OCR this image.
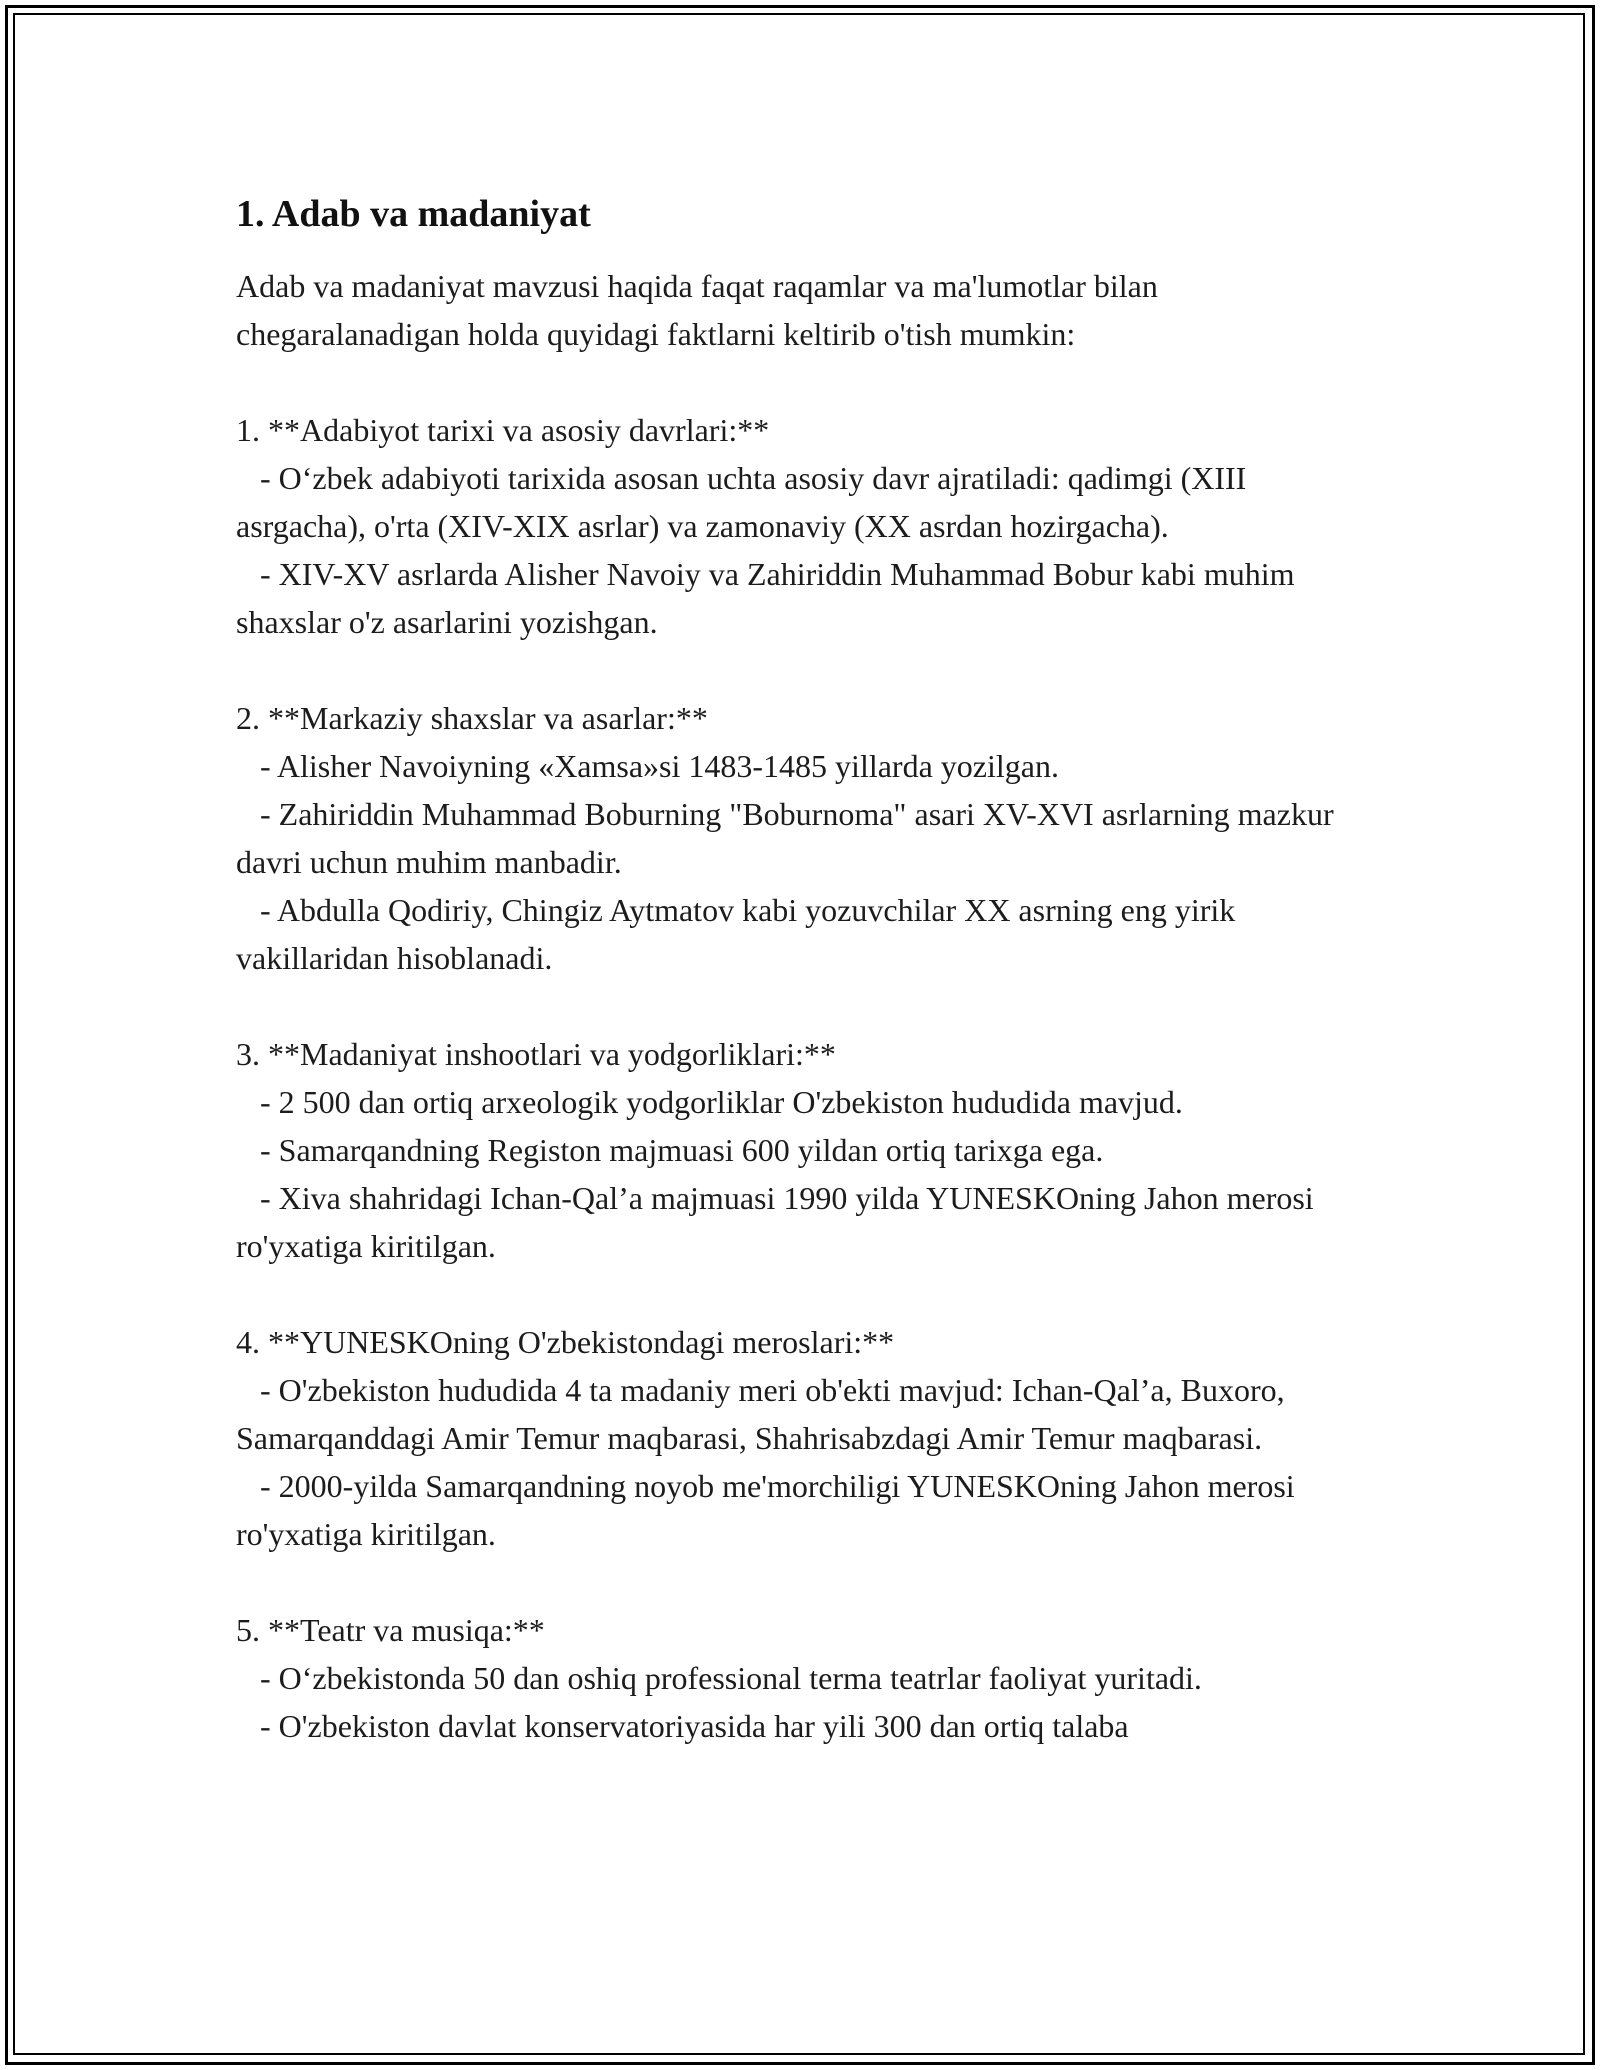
1. Adab va madaniyat

Adab va madaniyat mavzusi haqida faqat raqamlar va ma'lumotlar bilan chegaralanadigan holda quyidagi faktlarni keltirib o'tish mumkin:

1. **Adabiyot tarixi va asosiy davrlari:**

- O‘zbek adabiyoti tarixida asosan uchta asosiy davr ajratiladi: qadimgi (XIII asrgacha), o'rta (XIV-XIX asrlar) va zamonaviy (XX asrdan hozirgacha).

- XIV-XV asrlarda Alisher Navoiy va Zahiriddin Muhammad Bobur kabi muhim shaxslar o'z asarlarini yozishgan.

2. **Markaziy shaxslar va asarlar:**

- Alisher Navoiyning «Xamsa»si 1483-1485 yillarda yozilgan.

- Zahiriddin Muhammad Boburning "Boburnoma" asari XV-XVI asrlarning mazkur davri uchun muhim manbadir.

- Abdulla Qodiriy, Chingiz Aytmatov kabi yozuvchilar XX asrning eng yirik vakillaridan hisoblanadi.

3. **Madaniyat inshootlari va yodgorliklari:**

- 2 500 dan ortiq arxeologik yodgorliklar O'zbekiston hududida mavjud.

- Samarqandning Registon majmuasi 600 yildan ortiq tarixga ega.

- Xiva shahridagi Ichan-Qal’a majmuasi 1990 yilda YUNESKOning Jahon merosi ro'yxatiga kiritilgan.

4. **YUNESKOning O'zbekistondagi meroslari:**

- O'zbekiston hududida 4 ta madaniy meri ob'ekti mavjud: Ichan-Qal’a, Buxoro, Samarqanddagi Amir Temur maqbarasi, Shahrisabzdagi Amir Temur maqbarasi.

- 2000-yilda Samarqandning noyob me'morchiligi YUNESKOning Jahon merosi ro'yxatiga kiritilgan.

5. **Teatr va musiqa:**

- O‘zbekistonda 50 dan oshiq professional terma teatrlar faoliyat yuritadi.

- O'zbekiston davlat konservatoriyasida har yili 300 dan ortiq talaba
